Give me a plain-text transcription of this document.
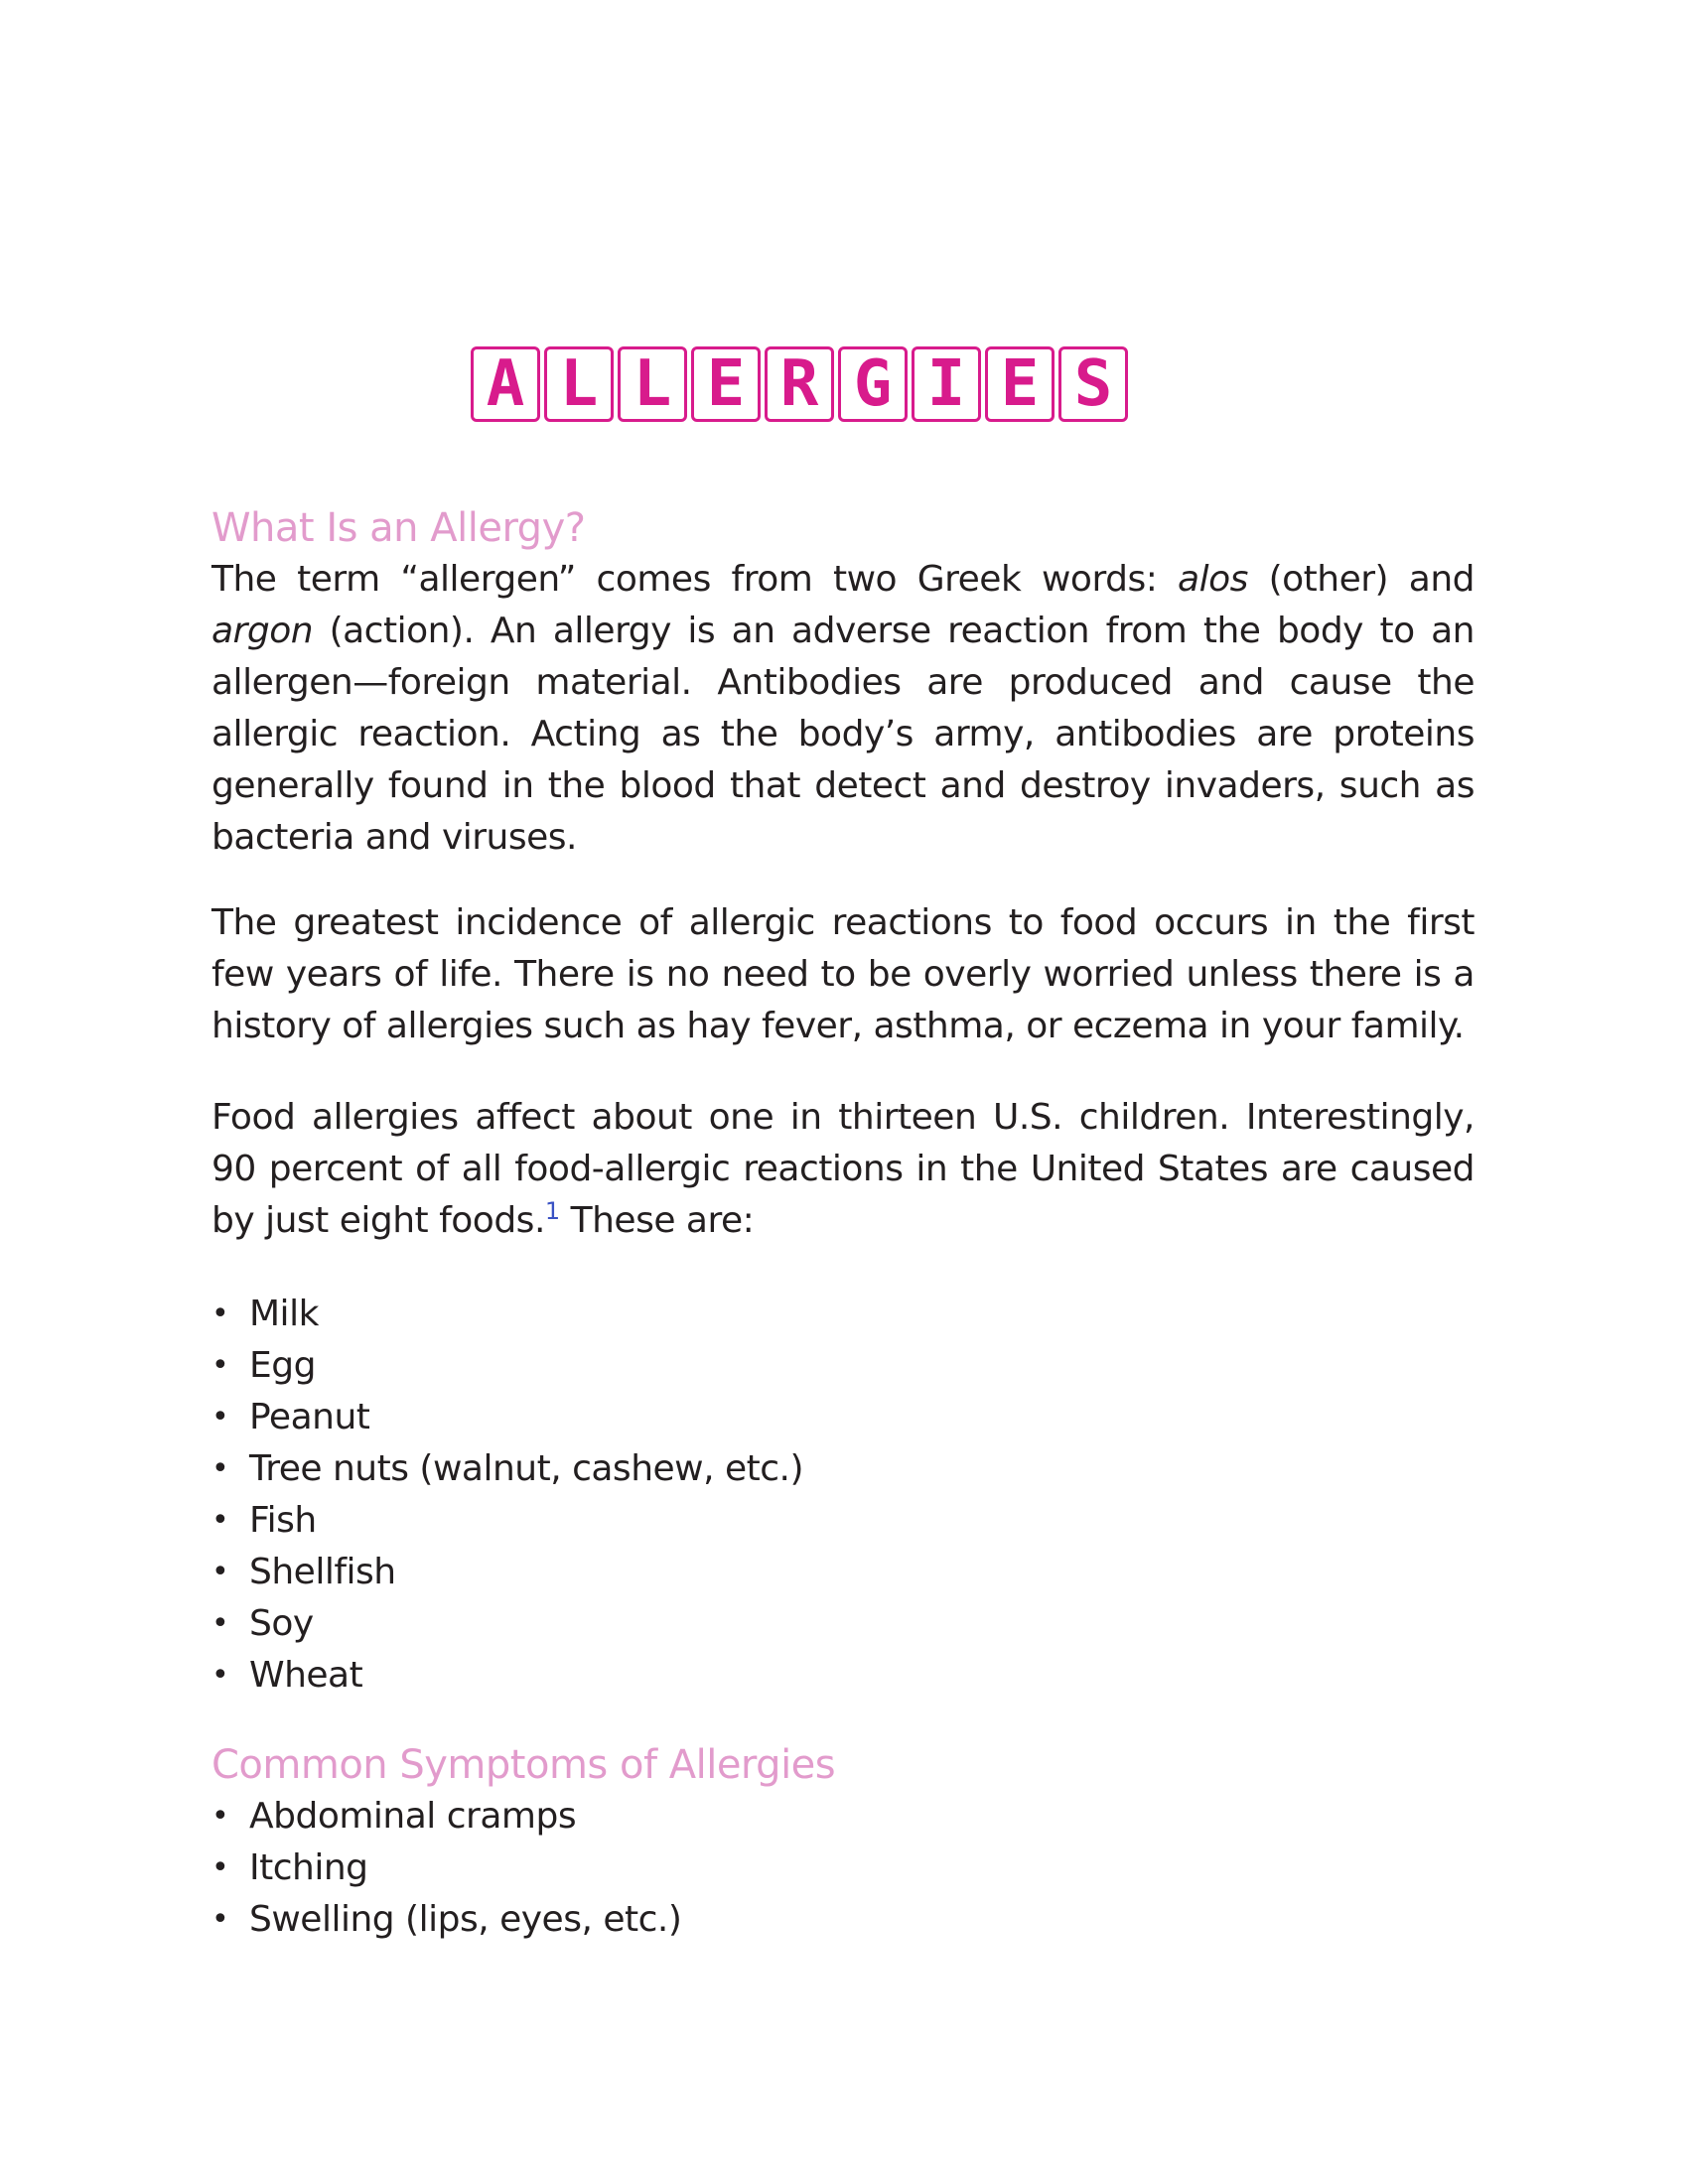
A L L E R G I E S
What Is an Allergy?

The term “allergen” comes from two Greek words: alos (other) and argon (action). An allergy is an adverse reaction from the body to an allergen—foreign material. Antibodies are produced and cause the allergic reaction. Acting as the body’s army, antibodies are proteins generally found in the blood that detect and destroy invaders, such as bacteria and viruses.

The greatest incidence of allergic reactions to food occurs in the first few years of life. There is no need to be overly worried unless there is a history of allergies such as hay fever, asthma, or eczema in your family.

Food allergies affect about one in thirteen U.S. children. Interestingly, 90 percent of all food-allergic reactions in the United States are caused by just eight foods.$^1$ These are:

• Milk
• Egg
• Peanut
• Tree nuts (walnut, cashew, etc.)
• Fish
• Shellfish
• Soy
• Wheat
Common Symptoms of Allergies
• Abdominal cramps
• Itching
• Swelling (lips, eyes, etc.)
